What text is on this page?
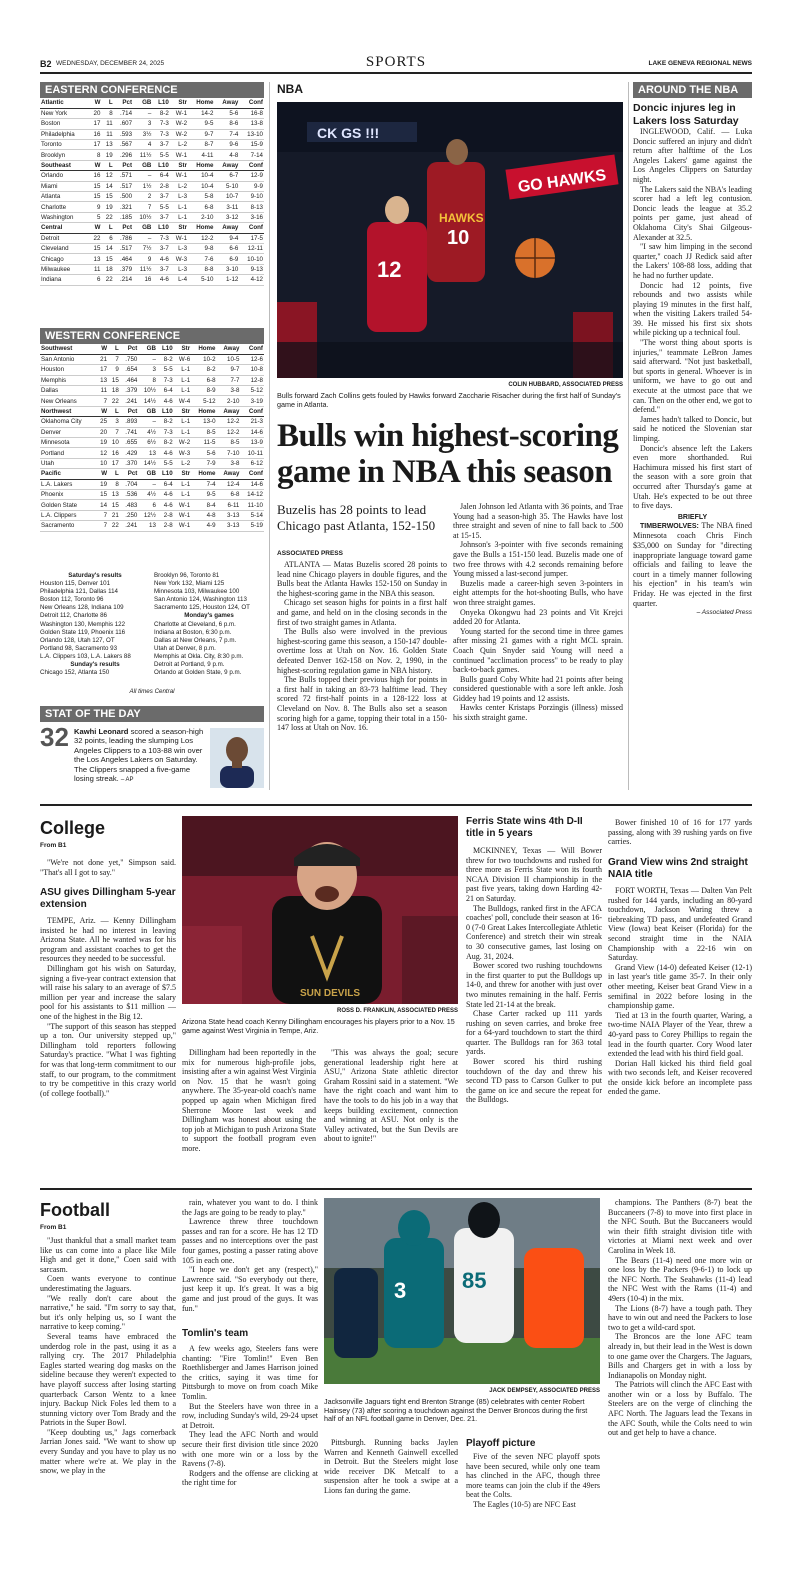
B2 WEDNESDAY, DECEMBER 24, 2025	SPORTS	LAKE GENEVA REGIONAL NEWS
EASTERN CONFERENCE
Atlantic	W	L	Pct	GB	L10	Str	Home	Away	Conf
New York	20	8	.714	–	8-2	W-1	14-2	5-6	16-8
Boston	17	11	.607	3	7-3	W-2	9-5	8-6	13-8
Philadelphia	16	11	.593	3½	7-3	W-2	9-7	7-4	13-10
Toronto	17	13	.567	4	3-7	L-2	8-7	9-6	15-9
Brooklyn	8	19	.296	11½	5-5	W-1	4-11	4-8	7-14
Southeast	W	L	Pct	GB	L10	Str	Home	Away	Conf
Orlando	16	12	.571	–	6-4	W-1	10-4	6-7	12-9
Miami	15	14	.517	1½	2-8	L-2	10-4	5-10	9-9
Atlanta	15	15	.500	2	3-7	L-3	5-8	10-7	9-10
Charlotte	9	19	.321	7	5-5	L-1	6-8	3-11	8-13
Washington	5	22	.185	10½	3-7	L-1	2-10	3-12	3-16
Central	W	L	Pct	GB	L10	Str	Home	Away	Conf
Detroit	22	6	.786	–	7-3	W-1	12-2	9-4	17-5
Cleveland	15	14	.517	7½	3-7	L-3	9-8	6-6	12-11
Chicago	13	15	.464	9	4-6	W-3	7-6	6-9	10-10
Milwaukee	11	18	.379	11½	3-7	L-3	8-8	3-10	9-13
Indiana	6	22	.214	16	4-6	L-4	5-10	1-12	4-12
WESTERN CONFERENCE
Southwest	W	L	Pct	GB	L10	Str	Home	Away	Conf
San Antonio	21	7	.750	–	8-2	W-6	10-2	10-5	12-6
Houston	17	9	.654	3	5-5	L-1	8-2	9-7	10-8
Memphis	13	15	.464	8	7-3	L-1	6-8	7-7	12-8
Dallas	11	18	.379	10½	6-4	L-1	8-9	3-8	5-12
New Orleans	7	22	.241	14½	4-6	W-4	5-12	2-10	3-19
Northwest	W	L	Pct	GB	L10	Str	Home	Away	Conf
Oklahoma City	25	3	.893	–	8-2	L-1	13-0	12-2	21-3
Denver	20	7	.741	4½	7-3	L-1	8-5	12-2	14-6
Minnesota	19	10	.655	6½	8-2	W-2	11-5	8-5	13-9
Portland	12	16	.429	13	4-6	W-3	5-6	7-10	10-11
Utah	10	17	.370	14½	5-5	L-2	7-9	3-8	6-12
Pacific	W	L	Pct	GB	L10	Str	Home	Away	Conf
L.A. Lakers	19	8	.704	–	6-4	L-1	7-4	12-4	14-6
Phoenix	15	13	.536	4½	4-6	L-1	9-5	6-8	14-12
Golden State	14	15	.483	6	4-6	W-1	8-4	6-11	11-10
L.A. Clippers	7	21	.250	12½	2-8	W-1	4-8	3-13	5-14
Sacramento	7	22	.241	13	2-8	W-1	4-9	3-13	5-19
Saturday's results
Houston 115, Denver 101
Philadelphia 121, Dallas 114
Boston 112, Toronto 96
New Orleans 128, Indiana 109
Detroit 112, Charlotte 86
Washington 130, Memphis 122
Golden State 119, Phoenix 116
Orlando 128, Utah 127, OT
Portland 98, Sacramento 93
L.A. Clippers 103, L.A. Lakers 88
Sunday's results
Chicago 152, Atlanta 150
Brooklyn 96, Toronto 81
New York 132, Miami 125
Minnesota 103, Milwaukee 100
San Antonio 124, Washington 113
Sacramento 125, Houston 124, OT
Monday's games
Charlotte at Cleveland, 6 p.m.
Indiana at Boston, 6:30 p.m.
Dallas at New Orleans, 7 p.m.
Utah at Denver, 8 p.m.
Memphis at Okla. City, 8:30 p.m.
Detroit at Portland, 9 p.m.
Orlando at Golden State, 9 p.m.
All times Central
STAT OF THE DAY
32 Kawhi Leonard scored a season-high 32 points, leading the slumping Los Angeles Clippers to a 103-88 win over the Los Angeles Lakers on Saturday. The Clippers snapped a five-game losing streak. – AP
NBA
CK GS !!!
GO HAWKS
12
HAWKS
10
COLIN HUBBARD, ASSOCIATED PRESS
Bulls forward Zach Collins gets fouled by Hawks forward Zaccharie Risacher during the first half of Sunday's game in Atlanta.
Bulls win highest-scoring game in NBA this season
Buzelis has 28 points to lead Chicago past Atlanta, 152-150
ASSOCIATED PRESS

ATLANTA — Matas Buzelis scored 28 points to lead nine Chicago players in double figures, and the Bulls beat the Atlanta Hawks 152-150 on Sunday in the highest-scoring game in the NBA this season.

Chicago set season highs for points in a first half and game, and held on in the closing seconds in the first of two straight games in Atlanta.

The Bulls also were involved in the previous highest-scoring game this season, a 150-147 double-overtime loss at Utah on Nov. 16. Golden State defeated Denver 162-158 on Nov. 2, 1990, in the highest-scoring regulation game in NBA history.

The Bulls topped their previous high for points in a first half in taking an 83-73 halftime lead. They scored 72 first-half points in a 128-122 loss at Cleveland on Nov. 8. The Bulls also set a season scoring high for a game, topping their total in a 150-147 loss at Utah on Nov. 16.

Jalen Johnson led Atlanta with 36 points, and Trae Young had a season-high 35. The Hawks have lost three straight and seven of nine to fall back to .500 at 15-15.

Johnson's 3-pointer with five seconds remaining gave the Bulls a 151-150 lead. Buzelis made one of two free throws with 4.2 seconds remaining before Young missed a last-second jumper.

Buzelis made a career-high seven 3-pointers in eight attempts for the hot-shooting Bulls, who have won three straight games.

Onyeka Okongwu had 23 points and Vit Krejci added 20 for Atlanta.

Young started for the second time in three games after missing 21 games with a right MCL sprain. Coach Quin Snyder said Young will need a continued "acclimation process" to be ready to play back-to-back games.

Bulls guard Coby White had 21 points after being considered questionable with a sore left ankle. Josh Giddey had 19 points and 12 assists.

Hawks center Kristaps Porzingis (illness) missed his sixth straight game.

AROUND THE NBA
Doncic injures leg in Lakers loss Saturday

INGLEWOOD, Calif. — Luka Doncic suffered an injury and didn't return after halftime of the Los Angeles Lakers' game against the Los Angeles Clippers on Saturday night.

The Lakers said the NBA's leading scorer had a left leg contusion. Doncic leads the league at 35.2 points per game, just ahead of Oklahoma City's Shai Gilgeous-Alexander at 32.5.

"I saw him limping in the second quarter," coach JJ Redick said after the Lakers' 108-88 loss, adding that he had no further update.

Doncic had 12 points, five rebounds and two assists while playing 19 minutes in the first half, when the visiting Lakers trailed 54-39. He missed his first six shots while picking up a technical foul.

"The worst thing about sports is injuries," teammate LeBron James said afterward. "Not just basketball, but sports in general. Whoever is in uniform, we have to go out and execute at the utmost pace that we can. Then on the other end, we got to defend."

James hadn't talked to Doncic, but said he noticed the Slovenian star limping.

Doncic's absence left the Lakers even more shorthanded. Rui Hachimura missed his first start of the season with a sore groin that occurred after Thursday's game at Utah. He's expected to be out three to five days.

BRIEFLY
TIMBERWOLVES: The NBA fined Minnesota coach Chris Finch $35,000 on Sunday for "directing inappropriate language toward game officials and failing to leave the court in a timely manner following his ejection" in his team's win Friday. He was ejected in the first quarter.
– Associated Press
College
From B1
"We're not done yet," Simpson said. "That's all I got to say."
ASU gives Dillingham 5-year extension

TEMPE, Ariz. — Kenny Dillingham insisted he had no interest in leaving Arizona State. All he wanted was for his program and assistant coaches to get the resources they needed to be successful.

Dillingham got his wish on Saturday, signing a five-year contract extension that will raise his salary to an average of $7.5 million per year and increase the salary pool for his assistants to $11 million — one of the highest in the Big 12.

"The support of this season has stepped up a ton. Our university stepped up," Dillingham told reporters following Saturday's practice. "What I was fighting for was that long-term commitment to our staff, to our program, to the commitment to try be competitive in this crazy world (of college football)."

SUN DEVILS
ROSS D. FRANKLIN, ASSOCIATED PRESS
Arizona State head coach Kenny Dillingham encourages his players prior to a Nov. 15 game against West Virginia in Tempe, Ariz.

Dillingham had been reportedly in the mix for numerous high-profile jobs, insisting after a win against West Virginia on Nov. 15 that he wasn't going anywhere. The 35-year-old coach's name popped up again when Michigan fired Sherrone Moore last week and Dillingham was honest about using the top job at Michigan to push Arizona State to support the football program even more.

"This was always the goal; secure generational leadership right here at ASU," Arizona State athletic director Graham Rossini said in a statement. "We have the right coach and want him to have the tools to do his job in a way that keeps building excitement, connection and winning at ASU. Not only is the Valley activated, but the Sun Devils are about to ignite!"

Ferris State wins 4th D-II title in 5 years

MCKINNEY, Texas — Will Bower threw for two touchdowns and rushed for three more as Ferris State won its fourth NCAA Division II championship in the past five years, taking down Harding 42-21 on Saturday.

The Bulldogs, ranked first in the AFCA coaches' poll, conclude their season at 16-0 (7-0 Great Lakes Intercollegiate Athletic Conference) and stretch their win streak to 30 consecutive games, last losing on Aug. 31, 2024.

Bower scored two rushing touchdowns in the first quarter to put the Bulldogs up 14-0, and threw for another with just over two minutes remaining in the half. Ferris State led 21-14 at the break.

Chase Carter racked up 111 yards rushing on seven carries, and broke free for a 64-yard touchdown to start the third quarter. The Bulldogs ran for 363 total yards.

Bower scored his third rushing touchdown of the day and threw his second TD pass to Carson Gulker to put the game on ice and secure the repeat for the Bulldogs.

Bower finished 10 of 16 for 177 yards passing, along with 39 rushing yards on five carries.

Grand View wins 2nd straight NAIA title

FORT WORTH, Texas — Dalten Van Pelt rushed for 144 yards, including an 80-yard touchdown, Jackson Waring threw a tiebreaking TD pass, and undefeated Grand View (Iowa) beat Keiser (Florida) for the second straight time in the NAIA Championship with a 22-16 win on Saturday.

Grand View (14-0) defeated Keiser (12-1) in last year's title game 35-7. In their only other meeting, Keiser beat Grand View in a semifinal in 2022 before losing in the championship game.

Tied at 13 in the fourth quarter, Waring, a two-time NAIA Player of the Year, threw a 40-yard pass to Corey Phillips to regain the lead in the fourth quarter. Cory Wood later extended the lead with his third field goal.

Dorian Hall kicked his third field goal with two seconds left, and Keiser recovered the onside kick before an incomplete pass ended the game.

Football
From B1

"Just thankful that a small market team like us can come into a place like Mile High and get it done," Coen said with sarcasm.

Coen wants everyone to continue underestimating the Jaguars.

"We really don't care about the narrative," he said. "I'm sorry to say that, but it's only helping us, so I want the narrative to keep coming."

Several teams have embraced the underdog role in the past, using it as a rallying cry. The 2017 Philadelphia Eagles started wearing dog masks on the sideline because they weren't expected to have playoff success after losing starting quarterback Carson Wentz to a knee injury. Backup Nick Foles led them to a stunning victory over Tom Brady and the Patriots in the Super Bowl.

"Keep doubting us," Jags cornerback Jarrian Jones said. "We want to show up every Sunday and you have to play us no matter where we're at. We play in the snow, we play in the

rain, whatever you want to do. I think the Jags are going to be ready to play."

Lawrence threw three touchdown passes and ran for a score. He has 12 TD passes and no interceptions over the past four games, posting a passer rating above 105 in each one.

"I hope we don't get any (respect)," Lawrence said. "So everybody out there, just keep it up. It's great. It was a big game and just proud of the guys. It was fun."

Tomlin's team

A few weeks ago, Steelers fans were chanting: "Fire Tomlin!" Even Ben Roethlisberger and James Harrison joined the critics, saying it was time for Pittsburgh to move on from coach Mike Tomlin.

But the Steelers have won three in a row, including Sunday's wild, 29-24 upset at Detroit.

They lead the AFC North and would secure their first division title since 2020 with one more win or a loss by the Ravens (7-8).

Rodgers and the offense are clicking at the right time for

3	85
JACK DEMPSEY, ASSOCIATED PRESS
Jacksonville Jaguars tight end Brenton Strange (85) celebrates with center Robert Hainsey (73) after scoring a touchdown against the Denver Broncos during the first half of an NFL football game in Denver, Dec. 21.

Pittsburgh. Running backs Jaylen Warren and Kenneth Gainwell excelled in Detroit. But the Steelers might lose wide receiver DK Metcalf to a suspension after he took a swipe at a Lions fan during the game.

Playoff picture

Five of the seven NFC playoff spots have been secured, while only one team has clinched in the AFC, though three more teams can join the club if the 49ers beat the Colts.

The Eagles (10-5) are NFC East

champions. The Panthers (8-7) beat the Buccaneers (7-8) to move into first place in the NFC South. But the Buccaneers would win their fifth straight division title with victories at Miami next week and over Carolina in Week 18.

The Bears (11-4) need one more win or one loss by the Packers (9-6-1) to lock up the NFC North. The Seahawks (11-4) lead the NFC West with the Rams (11-4) and 49ers (10-4) in the mix.

The Lions (8-7) have a tough path. They have to win out and need the Packers to lose two to get a wild-card spot.

The Broncos are the lone AFC team already in, but their lead in the West is down to one game over the Chargers. The Jaguars, Bills and Chargers get in with a loss by Indianapolis on Monday night.

The Patriots will clinch the AFC East with another win or a loss by Buffalo. The Steelers are on the verge of clinching the AFC North. The Jaguars lead the Texans in the AFC South, while the Colts need to win out and get help to have a chance.
